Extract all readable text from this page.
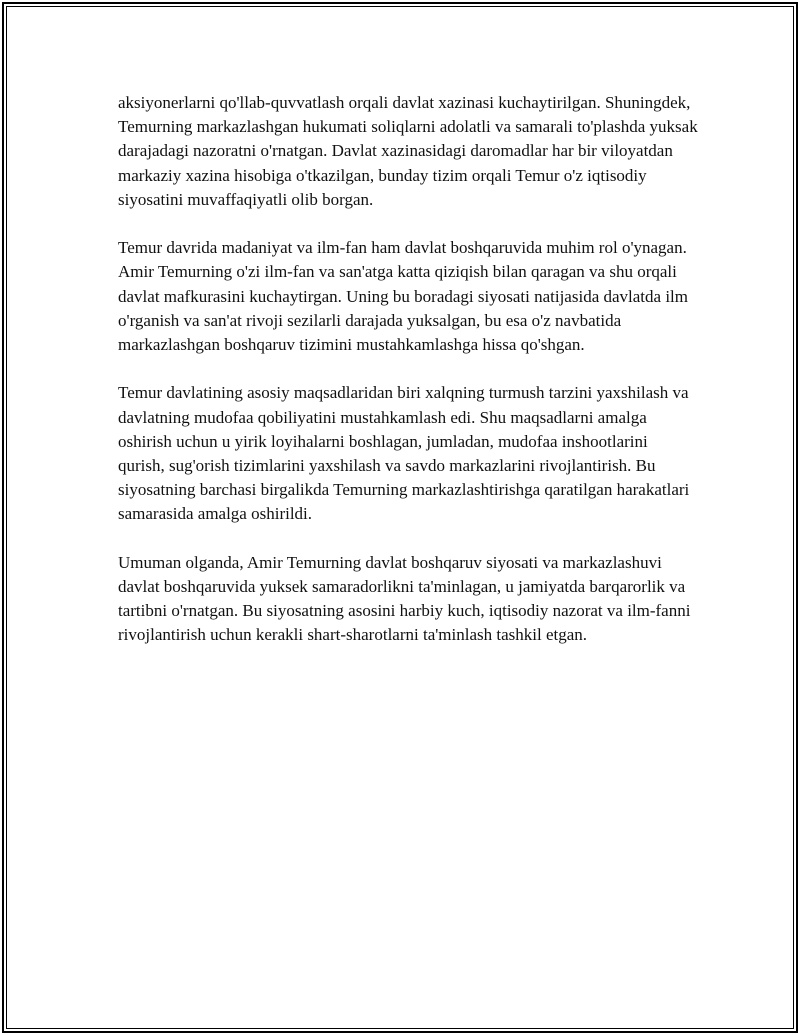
aksiyonerlarni qo'llab-quvvatlash orqali davlat xazinasi kuchaytirilgan. Shuningdek, Temurning markazlashgan hukumati soliqlarni adolatli va samarali to'plashda yuksak darajadagi nazoratni o'rnatgan. Davlat xazinasidagi daromadlar har bir viloyatdan markaziy xazina hisobiga o'tkazilgan, bunday tizim orqali Temur o'z iqtisodiy siyosatini muvaffaqiyatli olib borgan.

Temur davrida madaniyat va ilm-fan ham davlat boshqaruvida muhim rol o'ynagan. Amir Temurning o'zi ilm-fan va san'atga katta qiziqish bilan qaragan va shu orqali davlat mafkurasini kuchaytirgan. Uning bu boradagi siyosati natijasida davlatda ilm o'rganish va san'at rivoji sezilarli darajada yuksalgan, bu esa o'z navbatida markazlashgan boshqaruv tizimini mustahkamlashga hissa qo'shgan.

Temur davlatining asosiy maqsadlaridan biri xalqning turmush tarzini yaxshilash va davlatning mudofaa qobiliyatini mustahkamlash edi. Shu maqsadlarni amalga oshirish uchun u yirik loyihalarni boshlagan, jumladan, mudofaa inshootlarini qurish, sug'orish tizimlarini yaxshilash va savdo markazlarini rivojlantirish. Bu siyosatning barchasi birgalikda Temurning markazlashtirishga qaratilgan harakatlari samarasida amalga oshirildi.

Umuman olganda, Amir Temurning davlat boshqaruv siyosati va markazlashuvi davlat boshqaruvida yuksek samaradorlikni ta'minlagan, u jamiyatda barqarorlik va tartibni o'rnatgan. Bu siyosatning asosini harbiy kuch, iqtisodiy nazorat va ilm-fanni rivojlantirish uchun kerakli shart-sharotlarni ta'minlash tashkil etgan.
